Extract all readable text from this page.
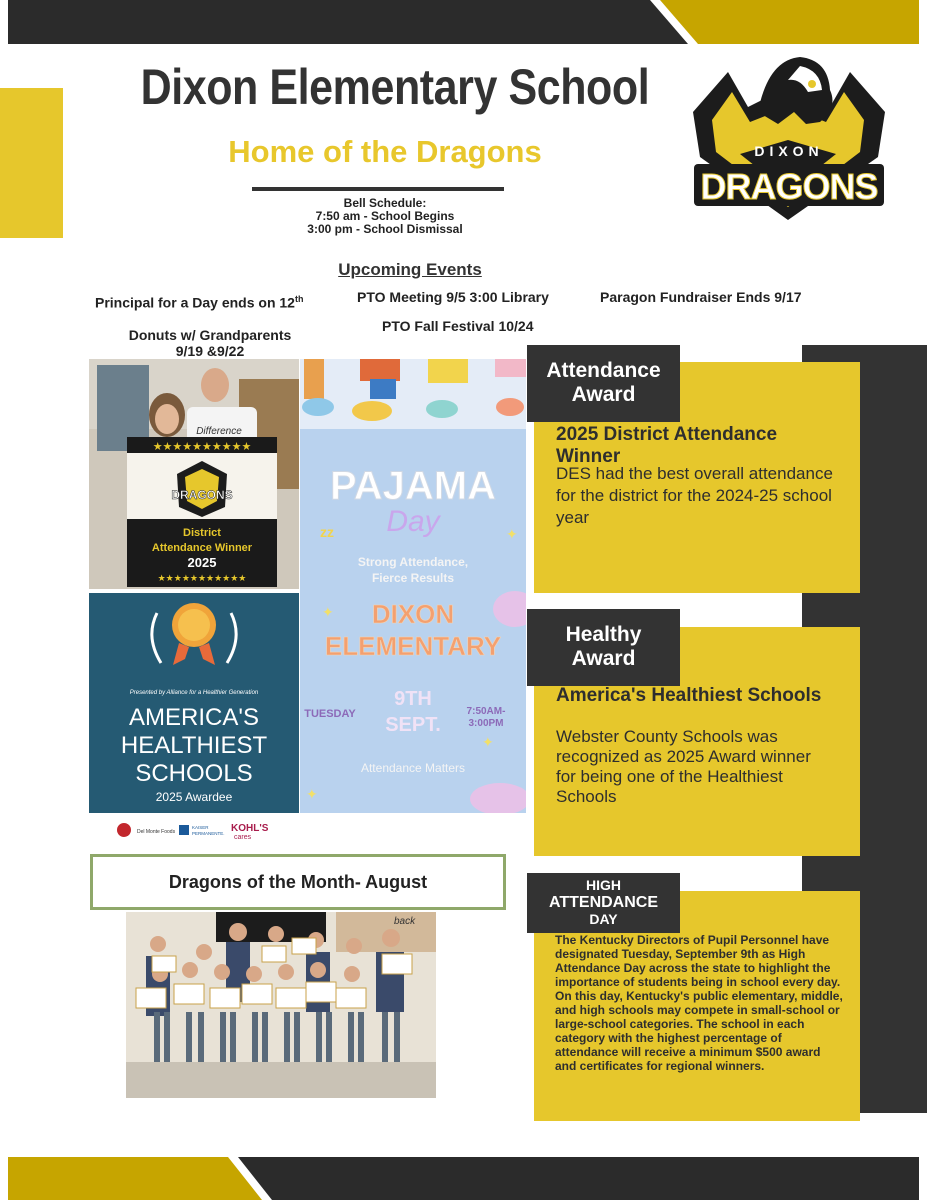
Dixon Elementary School
Home of the Dragons
Bell Schedule:
7:50 am - School Begins
3:00 pm - School Dismissal
DIXON
DRAGONS
Upcoming Events
Principal for a Day ends on 12th	PTO Meeting 9/5 3:00 Library	Paragon Fundraiser Ends 9/17
Donuts w/ Grandparents
9/19 &9/22
PTO Fall Festival 10/24
Difference
★★★★★★★★★★
DRAGONS
District
Attendance Winner
2025
★★★★★★★★★★★
PAJAMA
Day
zz
Strong Attendance,
Fierce Results
DIXON
ELEMENTARY
TUESDAY
9TH
SEPT.
7:50AM-
3:00PM
Attendance Matters
✦
✦
✦
✦
Presented by Alliance for a Healthier Generation
AMERICA'S
HEALTHIEST
SCHOOLS
2025 Awardee
Del Monte Foods
KAISER
PERMANENTE. KOHL'S
cares
Dragons of the Month- August
back
Attendance
Award
2025 District Attendance Winner
DES had the best overall attendance for the district for the 2024-25 school year
Healthy
Award
America's Healthiest Schools
Webster County Schools was recognized as 2025 Award winner for being one of the Healthiest Schools
HIGH
ATTENDANCE
DAY
The Kentucky Directors of Pupil Personnel have designated Tuesday, September 9th as High Attendance Day across the state to highlight the importance of students being in school every day.
On this day, Kentucky's public elementary, middle, and high schools may compete in small-school or large-school categories. The school in each category with the highest percentage of attendance will receive a minimum $500 award and certificates for regional winners.
